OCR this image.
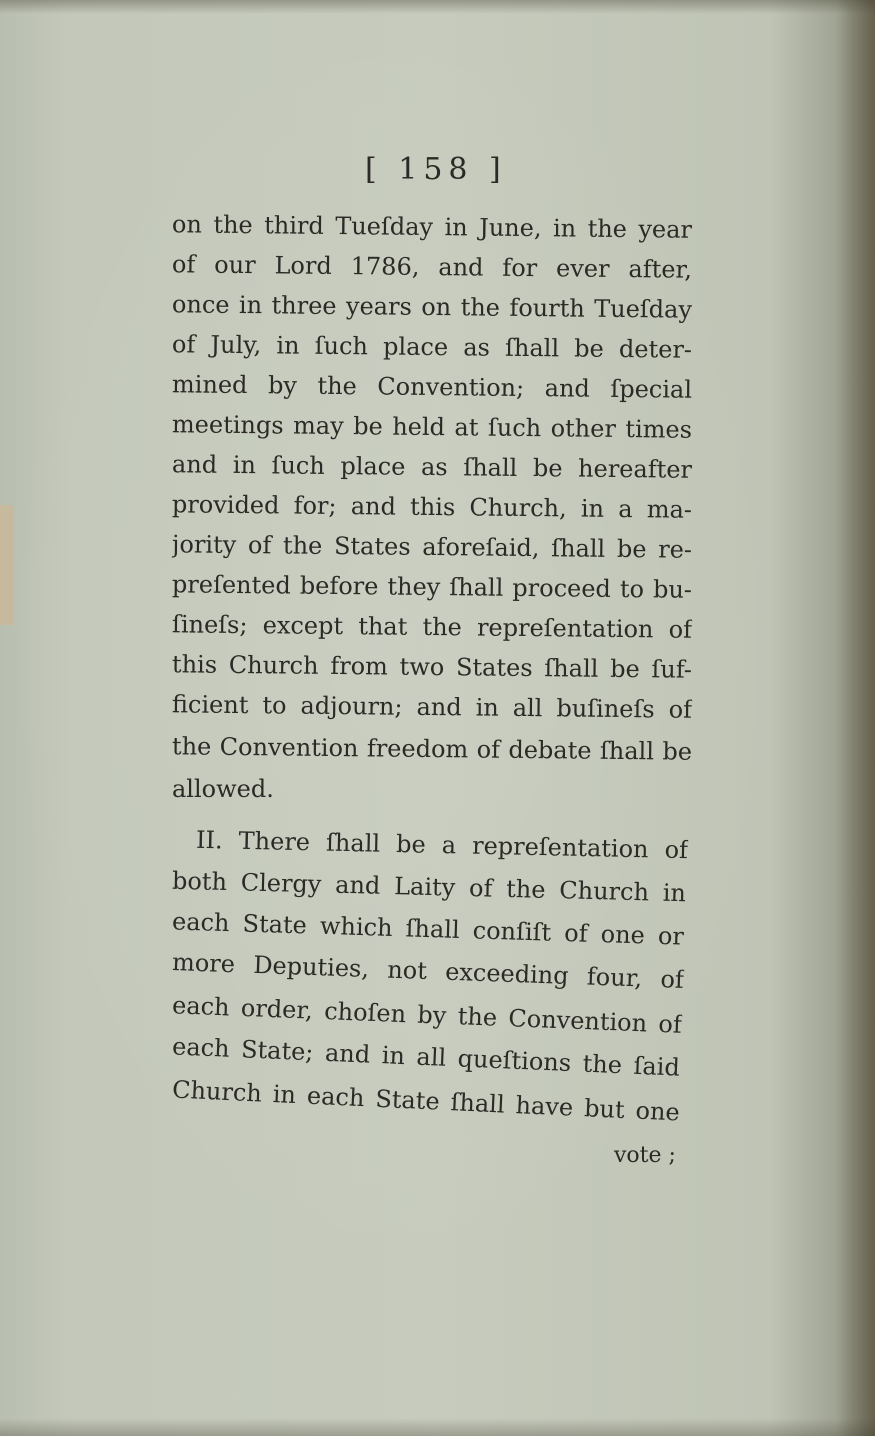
[ 158 ]
on the third Tueſday in June, in the year
of our Lord 1786, and for ever after,
once in three years on the fourth Tueſday
of July, in ſuch place as ſhall be deter-
mined by the Convention; and ſpecial
meetings may be held at ſuch other times
and in ſuch place as ſhall be hereafter
provided for; and this Church, in a ma-
jority of the States aforeſaid, ſhall be re-
preſented before they ſhall proceed to bu-
ſineſs; except that the repreſentation of
this Church from two States ſhall be ſuf-
ficient to adjourn; and in all buſineſs of
the Convention freedom of debate ſhall be
allowed.
II. There ſhall be a repreſentation of
both Clergy and Laity of the Church in
each State which ſhall conſiſt of one or
more Deputies, not exceeding four, of
each order, choſen by the Convention of
each State; and in all queſtions the ſaid
Church in each State ſhall have but one
vote ;
